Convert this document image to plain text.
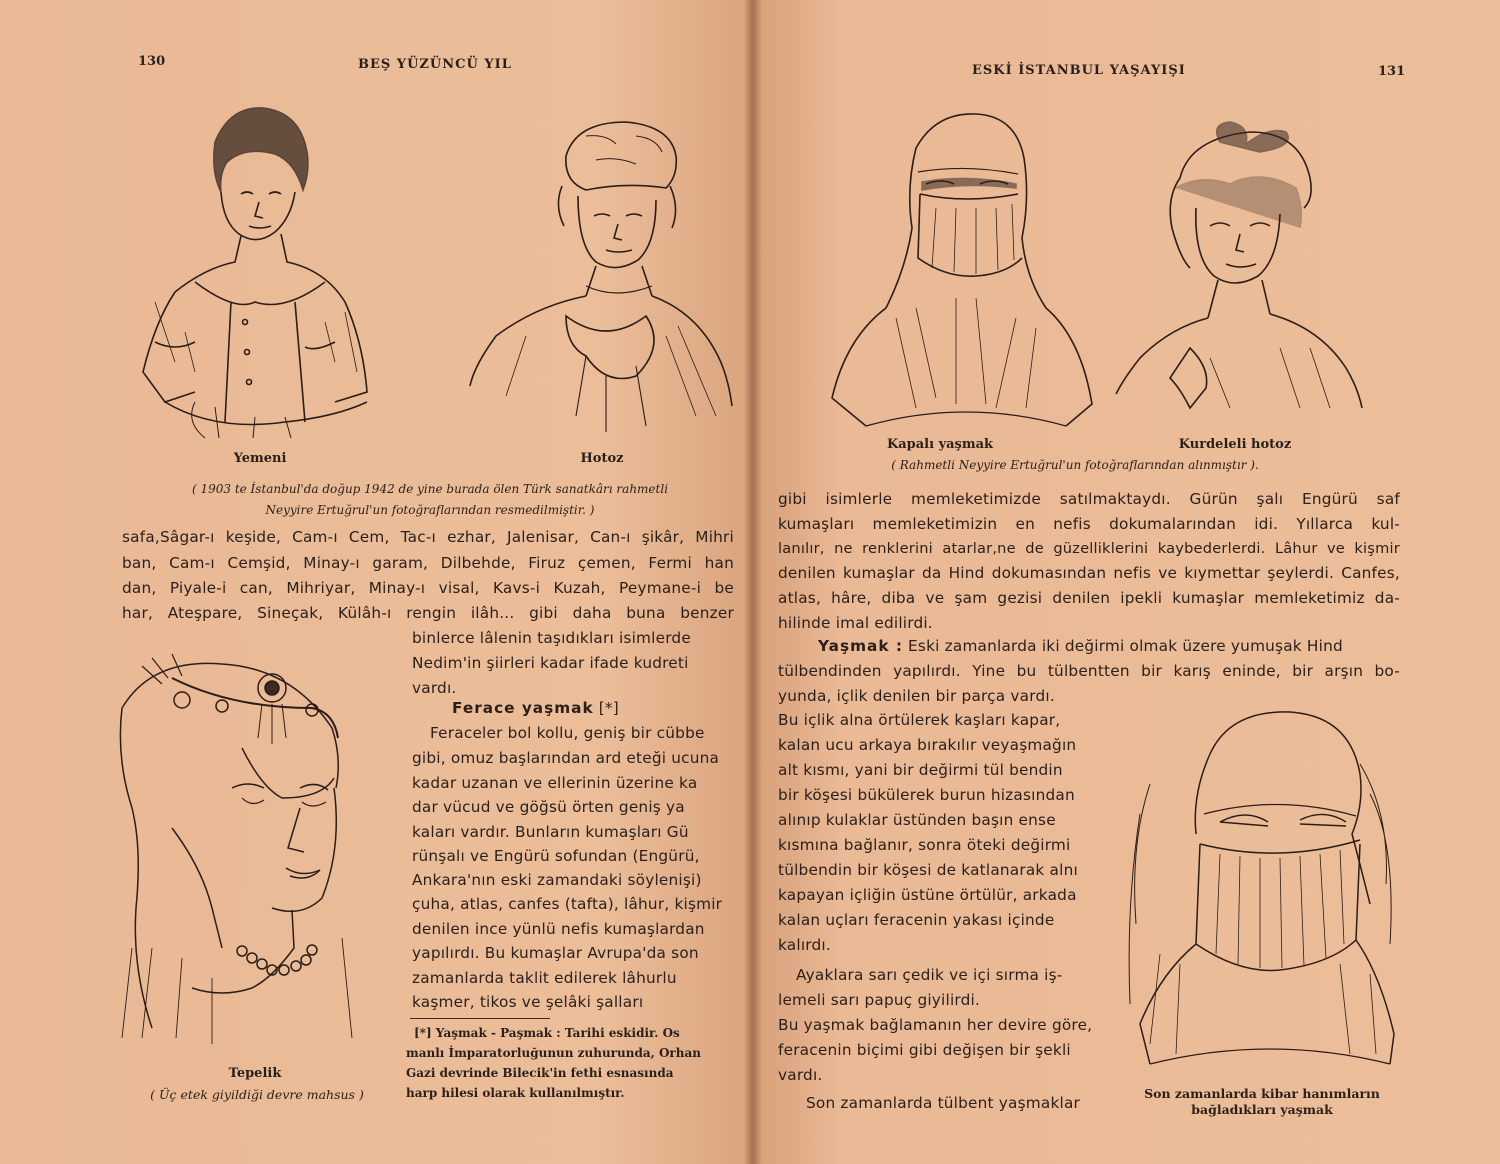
130	BEŞ YÜZÜNCÜ YIL
Yemeni	Hotoz
( 1903 te İstanbul'da doğup 1942 de yine burada ölen Türk sanatkârı rahmetli
Neyyire Ertuğrul'un fotoğraflarından resmedilmiştir. )
safa,Sâgar-ı keşide, Cam-ı Cem, Tac-ı ezhar, Jalenisar, Can-ı şikâr, Mihri
ban, Cam-ı Cemşid, Minay-ı garam, Dilbehde, Firuz çemen, Fermi han
dan, Piyale-i can, Mihriyar, Minay-ı visal, Kavs-i Kuzah, Peymane-i be
har, Ateşpare, Sineçak, Külâh-ı rengin ilâh... gibi daha buna benzer
Tepelik
( Üç etek giyildiği devre mahsus )
binlerce lâlenin taşıdıkları isimlerde
Nedim'in şiirleri kadar ifade kudreti
vardı.
Ferace yaşmak [*]
Feraceler bol kollu, geniş bir cübbe
gibi, omuz başlarından ard eteği ucuna
kadar uzanan ve ellerinin üzerine ka
dar vücud ve göğsü örten geniş ya
kaları vardır. Bunların kumaşları Gü
rünşalı ve Engürü sofundan (Engürü,
Ankara'nın eski zamandaki söylenişi)
çuha, atlas, canfes (tafta), lâhur, kişmir
denilen ince yünlü nefis kumaşlardan
yapılırdı. Bu kumaşlar Avrupa'da son
zamanlarda taklit edilerek lâhurlu
kaşmer, tikos ve şelâki şalları
[*] Yaşmak - Paşmak : Tarihi eskidir. Os
manlı İmparatorluğunun zuhurunda, Orhan
Gazi devrinde Bilecik'in fethi esnasında
harp hilesi olarak kullanılmıştır.
ESKİ İSTANBUL YAŞAYIŞI	131
Kapalı yaşmak	Kurdeleli hotoz
( Rahmetli Neyyire Ertuğrul'un fotoğraflarından alınmıştır ).
gibi isimlerle memleketimizde satılmaktaydı. Gürün şalı Engürü saf
kumaşları memleketimizin en nefis dokumalarından idi. Yıllarca kul-
lanılır, ne renklerini atarlar,ne de güzelliklerini kaybederlerdi. Lâhur ve kişmir
denilen kumaşlar da Hind dokumasından nefis ve kıymettar şeylerdi. Canfes,
atlas, hâre, diba ve şam gezisi denilen ipekli kumaşlar memleketimiz da-
hilinde imal edilirdi.
Yaşmak : Eski zamanlarda iki değirmi olmak üzere yumuşak Hind
tülbendinden yapılırdı. Yine bu tülbentten bir karış eninde, bir arşın bo-
yunda, içlik denilen bir parça vardı.
Bu içlik alna örtülerek kaşları kapar,
kalan ucu arkaya bırakılır veyaşmağın
alt kısmı, yani bir değirmi tül bendin
bir köşesi bükülerek burun hizasından
alınıp kulaklar üstünden başın ense
kısmına bağlanır, sonra öteki değirmi
tülbendin bir köşesi de katlanarak alnı
kapayan içliğin üstüne örtülür, arkada
kalan uçları feracenin yakası içinde
kalırdı.
Ayaklara sarı çedik ve içi sırma iş-
lemeli sarı papuç giyilirdi.
Bu yaşmak bağlamanın her devire göre,
feracenin biçimi gibi değişen bir şekli
vardı.
Son zamanlarda tülbent yaşmaklar
Son zamanlarda kibar hanımların
bağladıkları yaşmak
